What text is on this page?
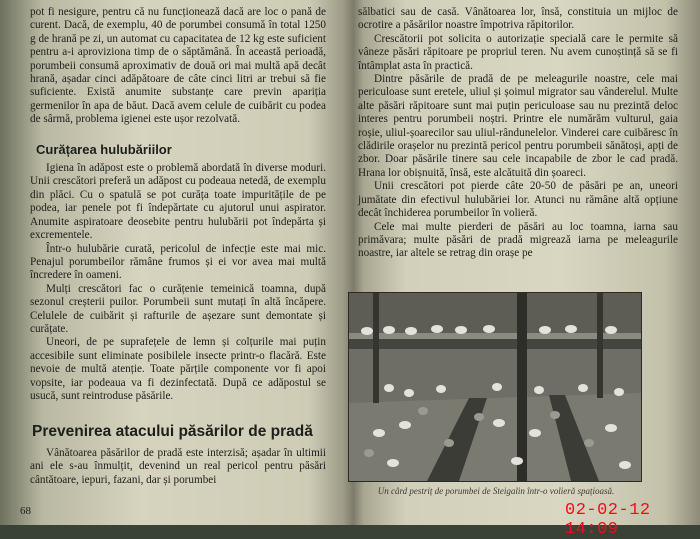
pot fi nesigure, pentru că nu funcționează dacă are loc o pană de curent. Dacă, de exemplu, 40 de porumbei consumă în total 1250 g de hrană pe zi, un automat cu capacitatea de 12 kg este suficient pentru a-i aproviziona timp de o săptămână. În această perioadă, porumbeii consumă aproximativ de două ori mai multă apă decât hrană, așadar cinci adăpătoare de câte cinci litri ar trebui să fie suficiente. Există anumite substanțe care previn apariția germenilor în apa de băut. Dacă avem celule de cuibărit cu podea de sârmă, problema igienei este ușor rezolvată.

Curățarea hulubăriilor

Igiena în adăpost este o problemă abordată în diverse moduri. Unii crescători preferă un adăpost cu podeaua netedă, de exemplu din plăci. Cu o spatulă se pot curăța toate impuritățile de pe podea, iar penele pot fi îndepărtate cu ajutorul unui aspirator. Anumite aspiratoare deosebite pentru hulubării pot îndepărta și excrementele.

Într-o hulubărie curată, pericolul de infecție este mai mic. Penajul porumbeilor rămâne frumos și ei vor avea mai multă încredere în oameni.

Mulți crescători fac o curățenie temeinică toamna, după sezonul creșterii puilor. Porumbeii sunt mutați în altă încăpere. Celulele de cuibărit și rafturile de așezare sunt demontate și curățate.

Uneori, de pe suprafețele de lemn și colțurile mai puțin accesibile sunt eliminate posibilele insecte printr-o flacără. Este nevoie de multă atenție. Toate părțile componente vor fi apoi vopsite, iar podeaua va fi dezinfectată. După ce adăpostul se usucă, sunt reintroduse păsările.

Prevenirea atacului păsărilor de pradă

Vânătoarea păsărilor de pradă este interzisă; așadar în ultimii ani ele s-au înmulțit, devenind un real pericol pentru păsări cântătoare, iepuri, fazani, dar și porumbei

68

sălbatici sau de casă. Vânătoarea lor, însă, constituia un mijloc de ocrotire a păsărilor noastre împotriva răpitorilor.

Crescătorii pot solicita o autorizație specială care le permite să vâneze păsări răpitoare pe propriul teren. Nu avem cunoștință să se fi întâmplat asta în practică.

Dintre păsările de pradă de pe meleagurile noastre, cele mai periculoase sunt eretele, uliul și șoimul migrator sau vânderelul. Multe alte păsări răpitoare sunt mai puțin periculoase sau nu prezintă deloc interes pentru porumbeii noștri. Printre ele numărăm vulturul, gaia roșie, uliul-șoarecilor sau uliul-rândunelelor. Vinderei care cuibăresc în clădirile orașelor nu prezintă pericol pentru porumbeii sănătoși, apți de zbor. Doar păsările tinere sau cele incapabile de zbor le cad pradă. Hrana lor obișnuită, însă, este alcătuită din șoareci.

Unii crescători pot pierde câte 20-50 de păsări pe an, uneori jumătate din efectivul hulubăriei lor. Atunci nu rămâne altă opțiune decât închiderea porumbeilor în volieră.

Cele mai multe pierderi de păsări au loc toamna, iarna sau primăvara; multe păsări de pradă migrează iarna pe meleagurile noastre, iar altele se retrag din orașe pe

Un cârd pestriț de porumbei de Steigalin într-o volieră spațioasă.
02-02-12 14:09
